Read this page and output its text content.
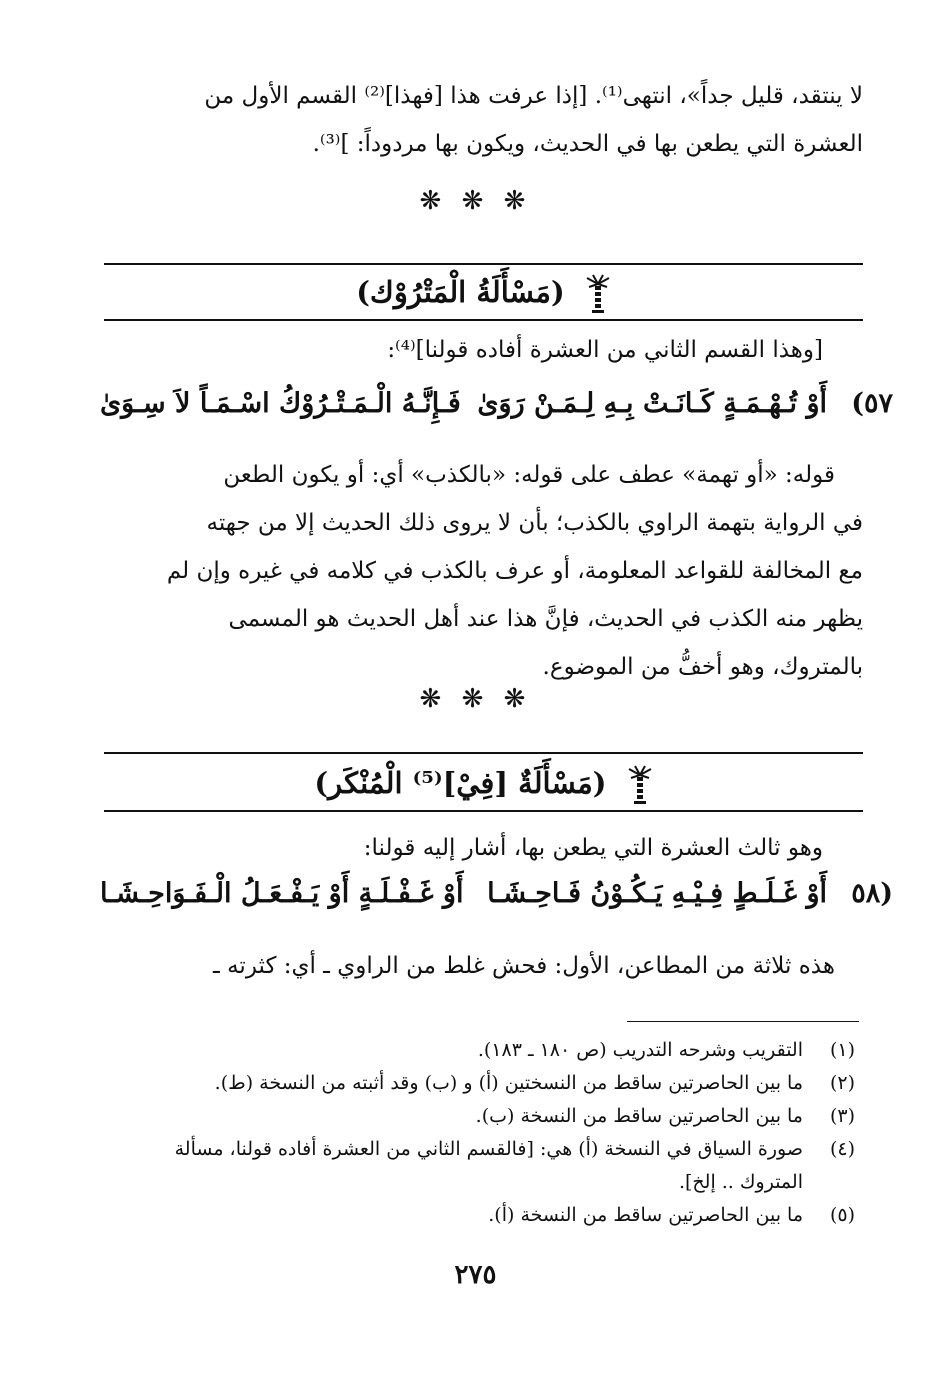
لا ينتقد، قليل جداً»، انتهى⁽¹⁾. [إذا عرفت هذا [فهذا]⁽²⁾ القسم الأول من
العشرة التي يطعن بها في الحديث، ويكون بها مردوداً: ]⁽³⁾.

❋ ❋ ❋
(مَسْأَلَةُ الْمَتْرُوْك)
[وهذا القسم الثاني من العشرة أفاده قولنا]⁽⁴⁾:
٥٧)
أَوْ تُـهْـمَـةٍ كَـانَـتْ بِـهِ لِـمَـنْ رَوَىٰ
فَـإِنَّـهُ الْـمَـتْـرُوْكُ اسْـمَـاً لاَ سِـوَىٰ

قوله: «أو تهمة» عطف على قوله: «بالكذب» أي: أو يكون الطعن
في الرواية بتهمة الراوي بالكذب؛ بأن لا يروى ذلك الحديث إلا من جهته
مع المخالفة للقواعد المعلومة، أو عرف بالكذب في كلامه في غيره وإن لم
يظهر منه الكذب في الحديث، فإنَّ هذا عند أهل الحديث هو المسمى
بالمتروك، وهو أخفُّ من الموضوع.

❋ ❋ ❋
(مَسْأَلَةٌ [فِيْ]⁽⁵⁾ الْمُنْكَر)
وهو ثالث العشرة التي يطعن بها، أشار إليه قولنا:
(٥٨
أَوْ غَـلَـطٍ فِـيْـهِ يَـكُـوْنُ فَـاحِـشَـا
أَوْ غَـفْـلَـةٍ أَوْ يَـفْـعَـلُ الْـفَـوَاحِـشَـا

هذه ثلاثة من المطاعن، الأول: فحش غلط من الراوي ـ أي: كثرته ـ

(١)
التقريب وشرحه التدريب (ص ١٨٠ ـ ١٨٣).
(٢)
ما بين الحاصرتين ساقط من النسختين (أ) و (ب) وقد أثبته من النسخة (ط).
(٣)
ما بين الحاصرتين ساقط من النسخة (ب).
(٤)
صورة السياق في النسخة (أ) هي: [فالقسم الثاني من العشرة أفاده قولنا، مسألة
المتروك .. إلخ].
(٥)
ما بين الحاصرتين ساقط من النسخة (أ).
٢٧٥
